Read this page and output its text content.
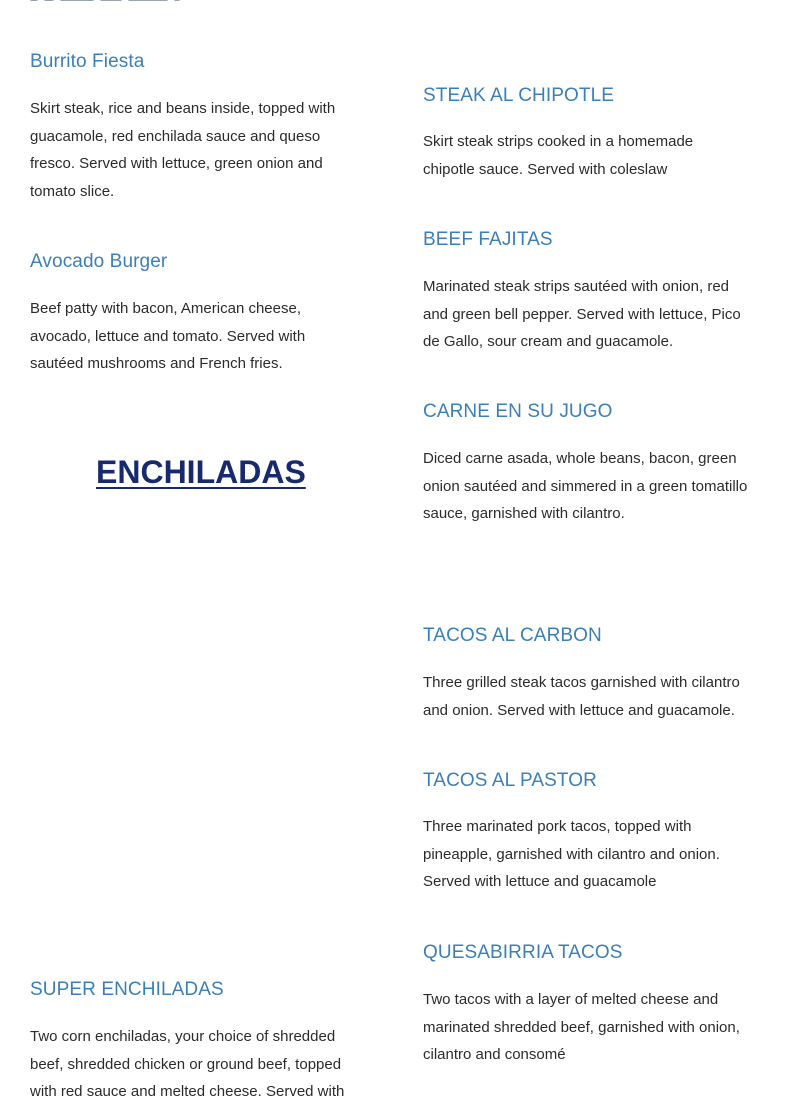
Burrito Fiesta

Skirt steak, rice and beans inside, topped with guacamole, red enchilada sauce and queso fresco. Served with lettuce, green onion and tomato slice.

Avocado Burger

Beef patty with bacon, American cheese, avocado, lettuce and tomato. Served with sautéed mushrooms and French fries.

ENCHILADAS
SUPER ENCHILADAS

Two corn enchiladas, your choice of shredded beef, shredded chicken or ground beef, topped with red sauce and melted cheese. Served with

STEAK AL CHIPOTLE

Skirt steak strips cooked in a homemade chipotle sauce. Served with coleslaw

BEEF FAJITAS

Marinated steak strips sautéed with onion, red and green bell pepper. Served with lettuce, Pico de Gallo, sour cream and guacamole.

CARNE EN SU JUGO

Diced carne asada, whole beans, bacon, green onion sautéed and simmered in a green tomatillo sauce, garnished with cilantro.

TACOS AL CARBON

Three grilled steak tacos garnished with cilantro and onion. Served with lettuce and guacamole.

TACOS AL PASTOR

Three marinated pork tacos, topped with pineapple, garnished with cilantro and onion. Served with lettuce and guacamole

QUESABIRRIA TACOS

Two tacos with a layer of melted cheese and marinated shredded beef, garnished with onion, cilantro and consomé
